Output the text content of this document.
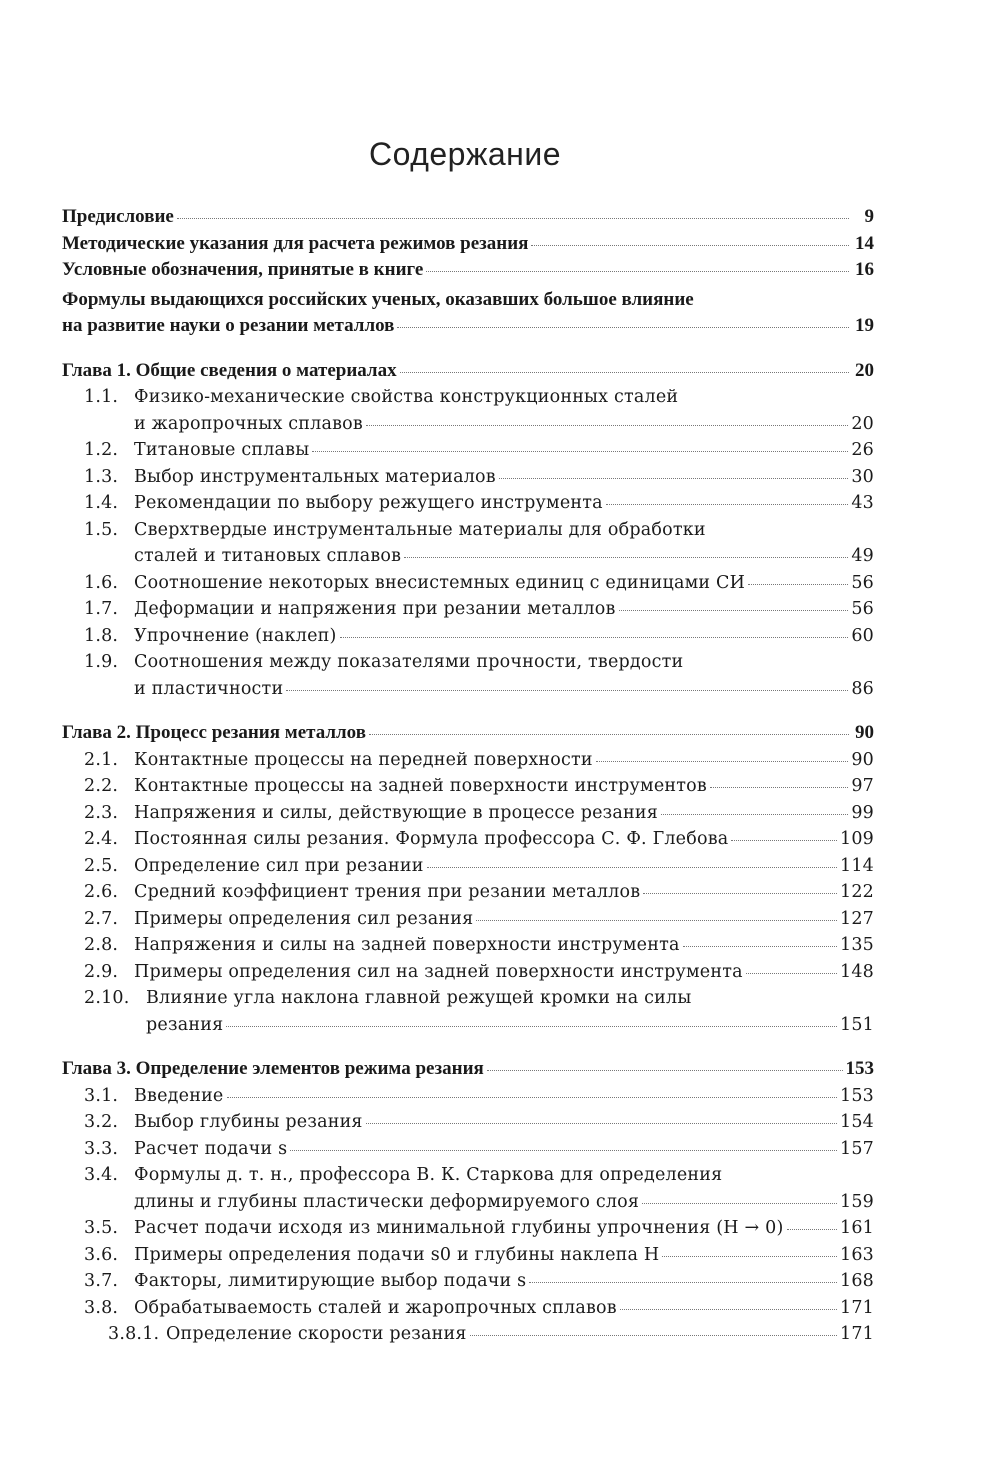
Содержание
Предисловие	9
Методические указания для расчета режимов резания	14
Условные обозначения, принятые в книге	16
Формулы выдающихся российских ученых, оказавших большое влияние
на развитие науки о резании металлов	19
Глава 1. Общие сведения о материалах	20
1.1. Физико-механические свойства конструкционных сталей
и жаропрочных сплавов	20
1.2. Титановые сплавы	26
1.3. Выбор инструментальных материалов	30
1.4. Рекомендации по выбору режущего инструмента	43
1.5. Сверхтвердые инструментальные материалы для обработки
сталей и титановых сплавов	49
1.6. Соотношение некоторых внесистемных единиц с единицами СИ	56
1.7. Деформации и напряжения при резании металлов	56
1.8. Упрочнение (наклеп)	60
1.9. Соотношения между показателями прочности, твердости
и пластичности	86
Глава 2. Процесс резания металлов	90
2.1. Контактные процессы на передней поверхности	90
2.2. Контактные процессы на задней поверхности инструментов	97
2.3. Напряжения и силы, действующие в процессе резания	99
2.4. Постоянная силы резания. Формула профессора С. Ф. Глебова	109
2.5. Определение сил при резании	114
2.6. Средний коэффициент трения при резании металлов	122
2.7. Примеры определения сил резания	127
2.8. Напряжения и силы на задней поверхности инструмента	135
2.9. Примеры определения сил на задней поверхности инструмента	148
2.10. Влияние угла наклона главной режущей кромки на силы
резания	151
Глава 3. Определение элементов режима резания	153
3.1. Введение	153
3.2. Выбор глубины резания	154
3.3. Расчет подачи s	157
3.4. Формулы д. т. н., профессора В. К. Старкова для определения
длины и глубины пластически деформируемого слоя	159
3.5. Расчет подачи исходя из минимальной глубины упрочнения (H → 0)	161
3.6. Примеры определения подачи s0 и глубины наклепа H	163
3.7. Факторы, лимитирующие выбор подачи s	168
3.8. Обрабатываемость сталей и жаропрочных сплавов	171
3.8.1. Определение скорости резания	171
